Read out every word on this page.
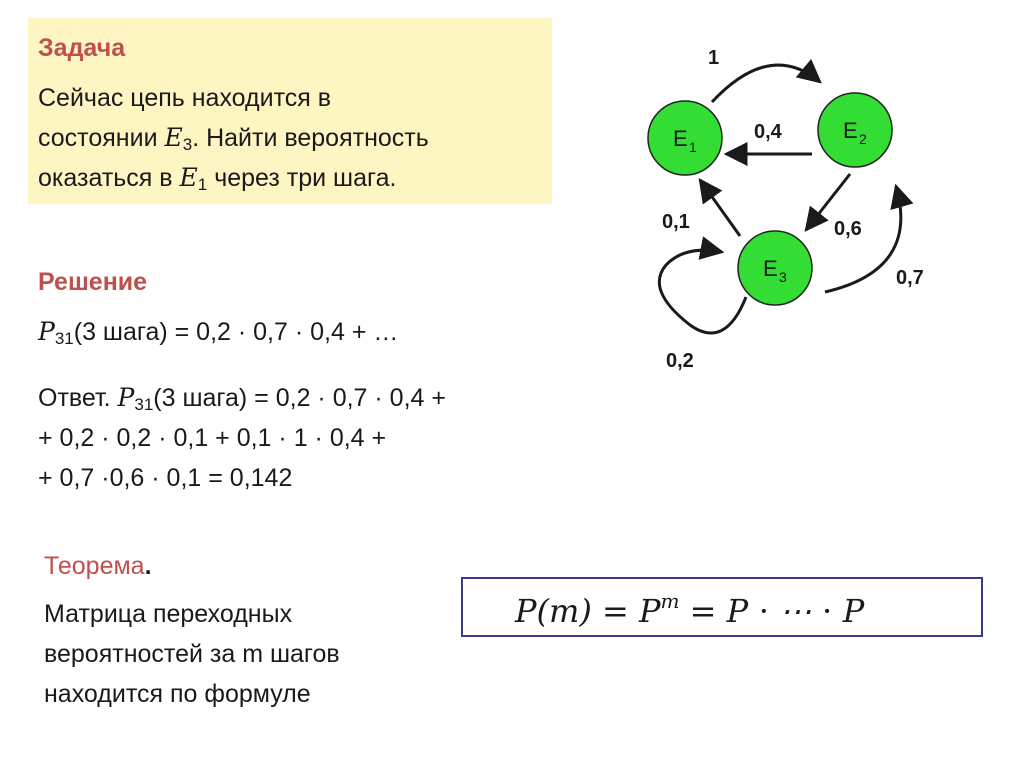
Задача
Сейчас цепь находится в
состоянии $E_3$. Найти вероятность
оказаться в $E_1$ через три шага.
Решение
$P_{31}(3$ шага) = 0,2 · 0,7 · 0,4 + …
Ответ. $P_{31}(3$ шага) = 0,2 · 0,7 · 0,4 +
+ 0,2 · 0,2 · 0,1 + 0,1 · 1 · 0,4 +
+ 0,7 ·0,6 · 0,1 = 0,142
Теорема.
Матрица переходных
вероятностей за m шагов
находится по формуле
$P(m) = P^m = P$ ⋅ ⋯ ⋅ P
1
0,4
0,6
0,1
0,7
0,2
E 1
E 2
E 3
